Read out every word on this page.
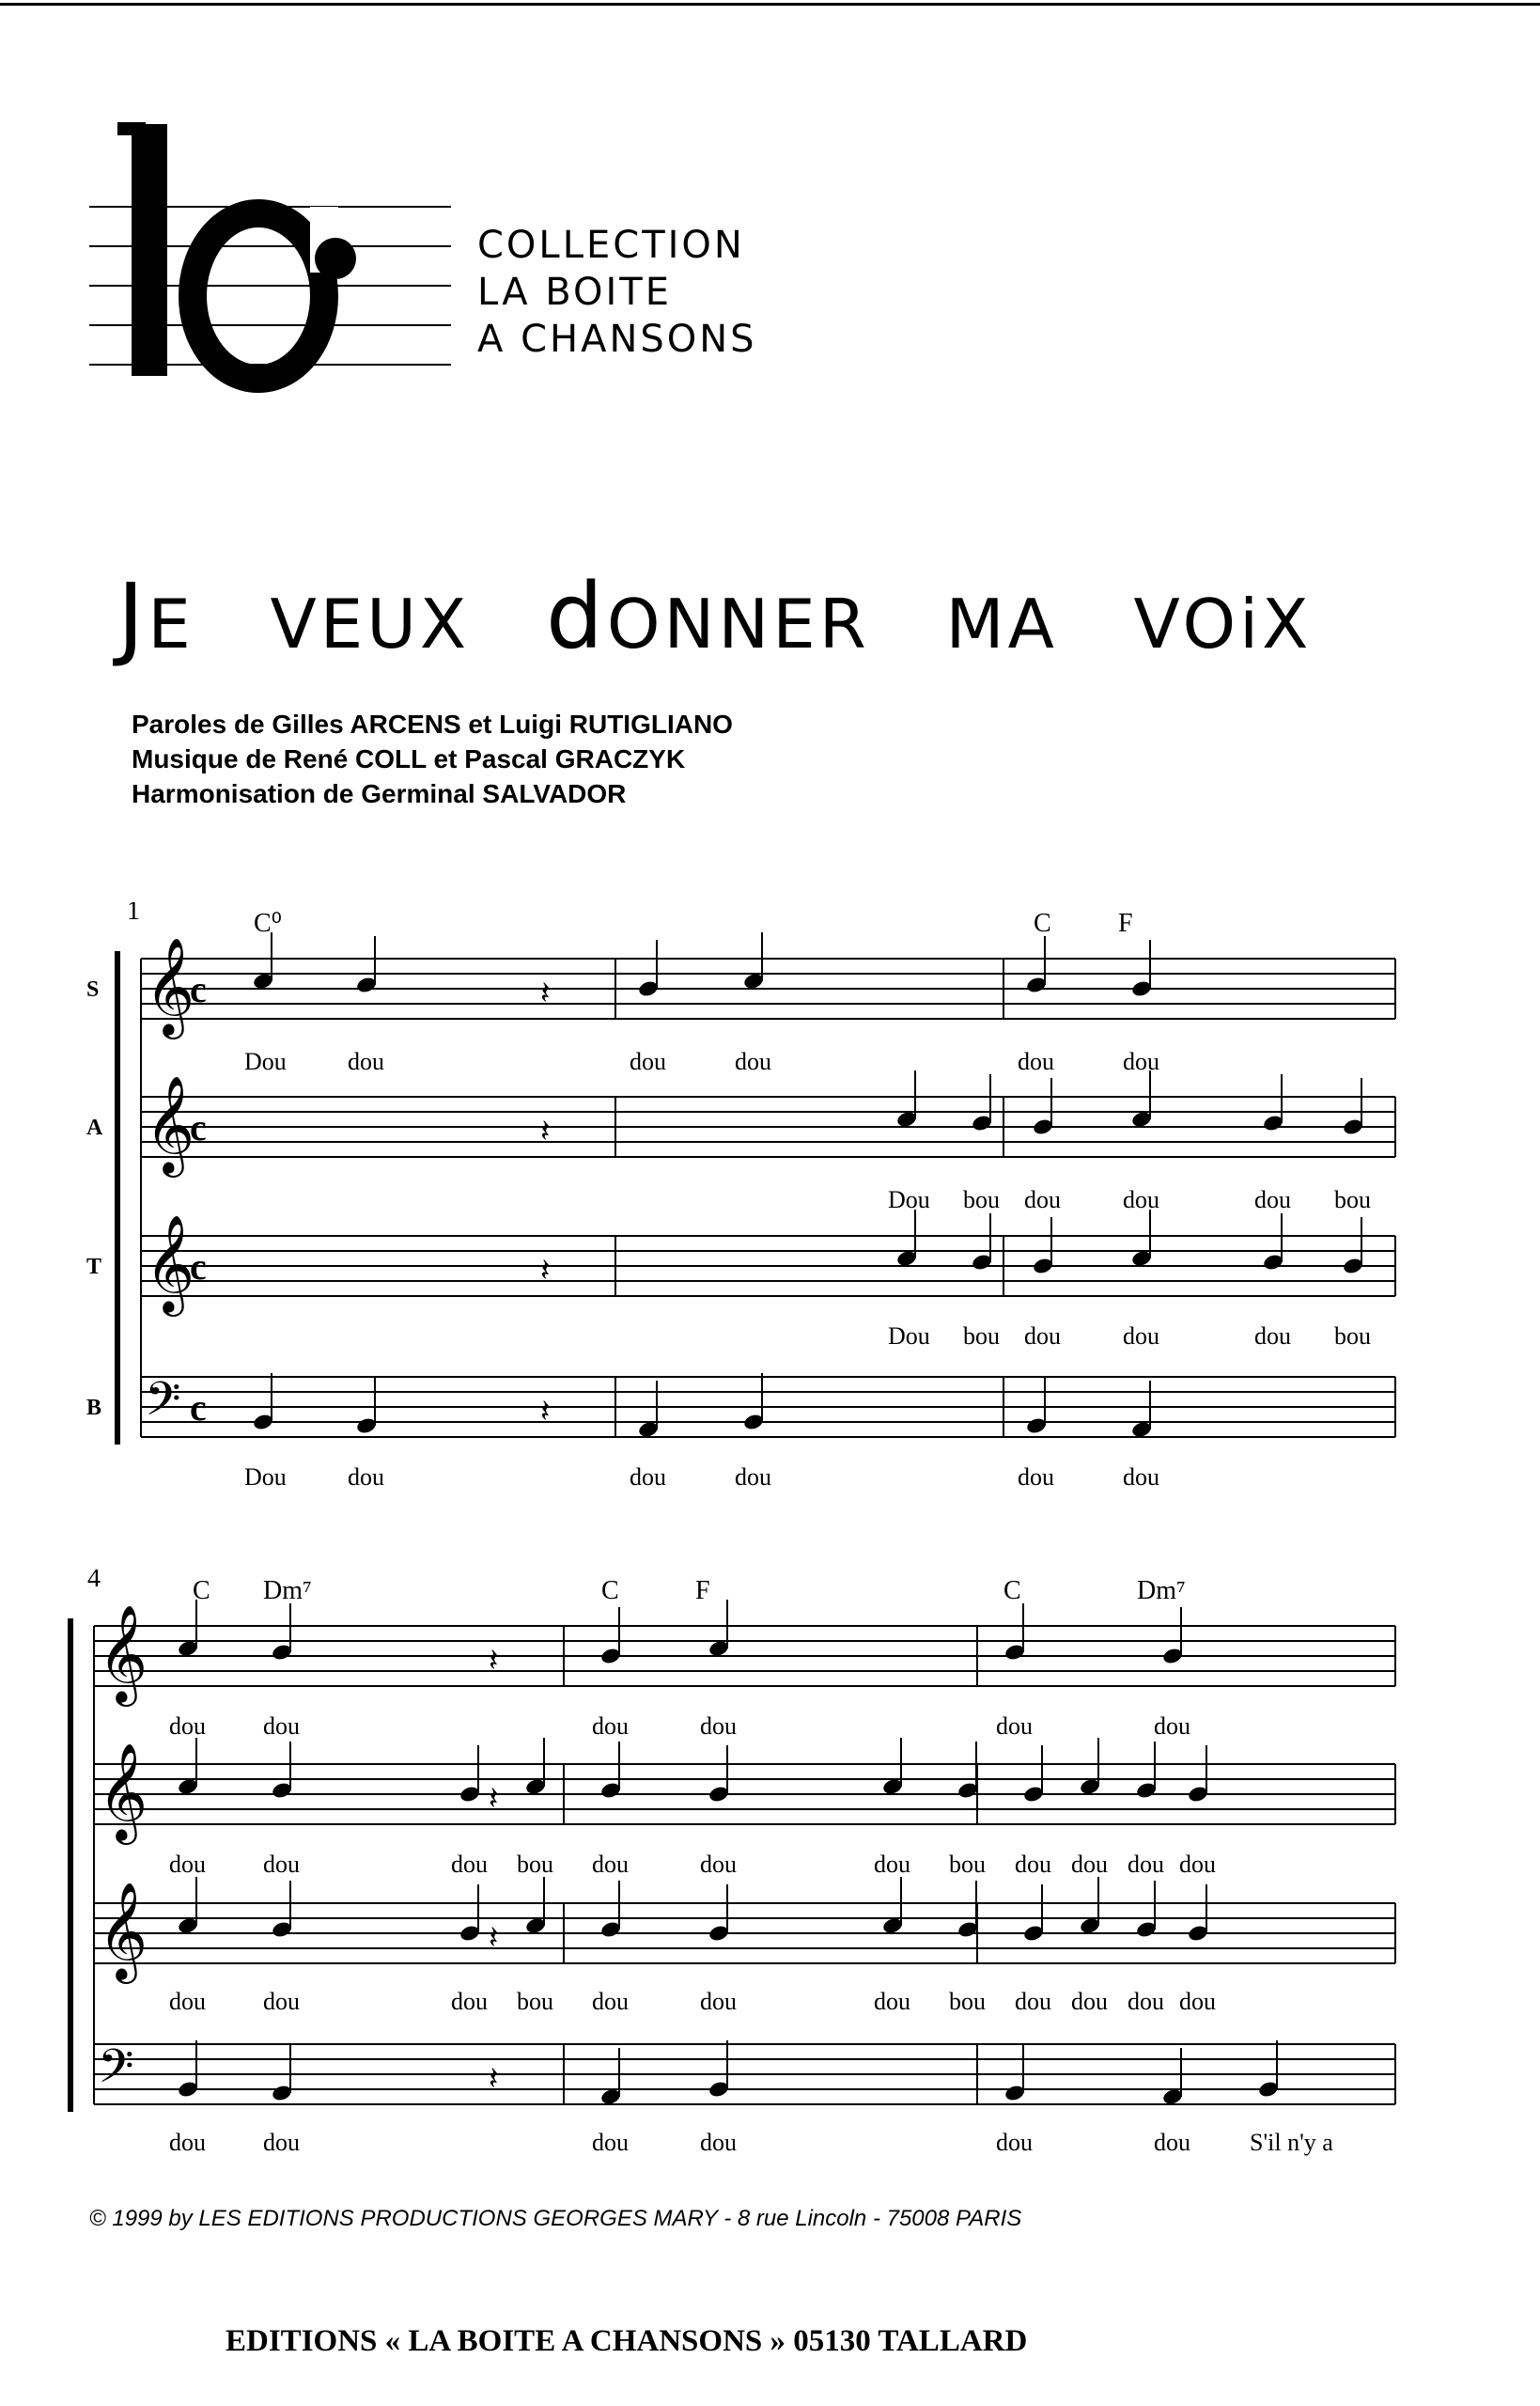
COLLECTION
LA BOITE
A CHANSONS
JE VEUX dONNER MA VOiX
Paroles de Gilles ARCENS et Luigi RUTIGLIANO
Musique de René COLL et Pascal GRACZYK
Harmonisation de Germinal SALVADOR
S
A
T
B
1	C⁰	C	F
𝄞
c
Dou	dou	dou	dou	dou	dou
𝄽
𝄞
c
Dou bou dou	dou	dou bou
𝄽
𝄞
c
Dou bou dou	dou	dou bou
𝄽
𝄢 c
Dou	dou	dou	dou	dou	dou
𝄽
4	C Dm⁷	C	F	C	Dm⁷
𝄞
dou dou	dou	dou	dou	dou
𝄽
𝄞
dou dou	dou bou dou	dou	dou bou dou dou dou dou
𝄽
𝄞
dou dou	dou bou dou	dou	dou bou dou dou dou dou
𝄽
𝄢
dou dou	dou	dou	dou	dou S'il n'y a
𝄽
© 1999 by LES EDITIONS PRODUCTIONS GEORGES MARY - 8 rue Lincoln - 75008 PARIS
EDITIONS « LA BOITE A CHANSONS » 05130 TALLARD
